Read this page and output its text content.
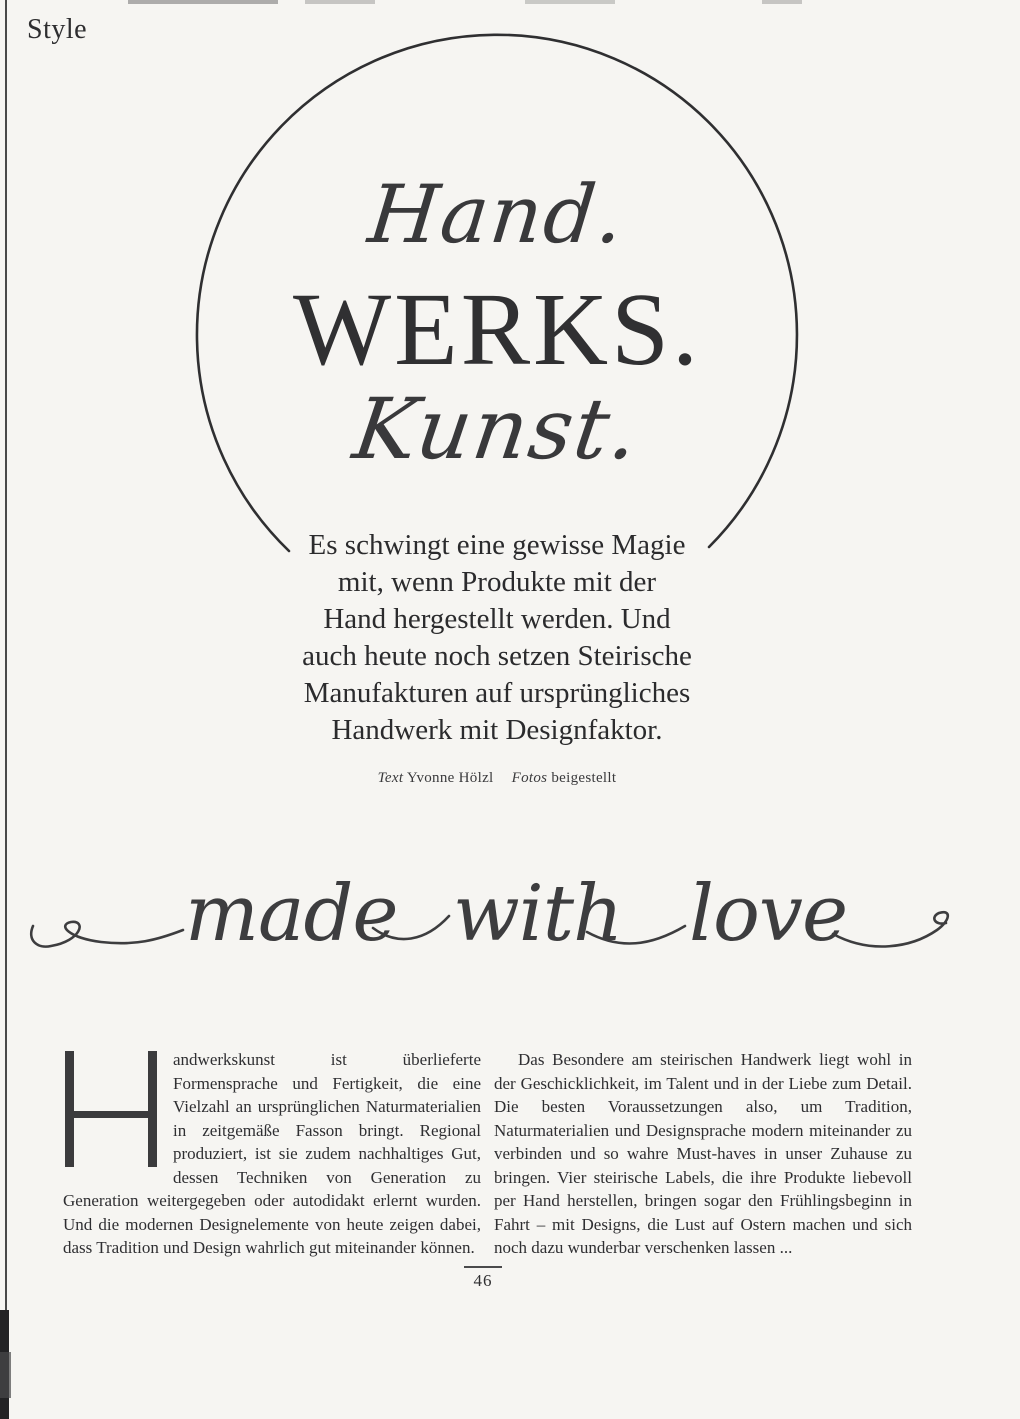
Style
Hand.
WERKS.
Kunst.
Es schwingt eine gewisse Magie
mit, wenn Produkte mit der
Hand hergestellt werden. Und
auch heute noch setzen Steirische
Manufakturen auf ursprüngliches
Handwerk mit Designfaktor.
Text Yvonne Hölzl Fotos beigestellt
made with love

andwerkskunst ist überlieferte Formensprache und Fertigkeit, die eine Vielzahl an ursprünglichen Naturmaterialien in zeitgemäße Fasson bringt. Regional produziert, ist sie zudem nachhaltiges Gut, dessen Techniken von Generation zu Generation weitergegeben oder autodidakt erlernt wurden. Und die modernen Designelemente von heute zeigen dabei, dass Tradition und Design wahrlich gut miteinander können.

Das Besondere am steirischen Handwerk liegt wohl in der Geschicklichkeit, im Talent und in der Liebe zum Detail. Die besten Voraussetzungen also, um Tradition, Naturmaterialien und Designsprache modern miteinander zu verbinden und so wahre Must-haves in unser Zuhause zu bringen. Vier steirische Labels, die ihre Produkte liebevoll per Hand herstellen, bringen sogar den Frühlingsbeginn in Fahrt – mit Designs, die Lust auf Ostern machen und sich noch dazu wunderbar verschenken lassen ...

46
